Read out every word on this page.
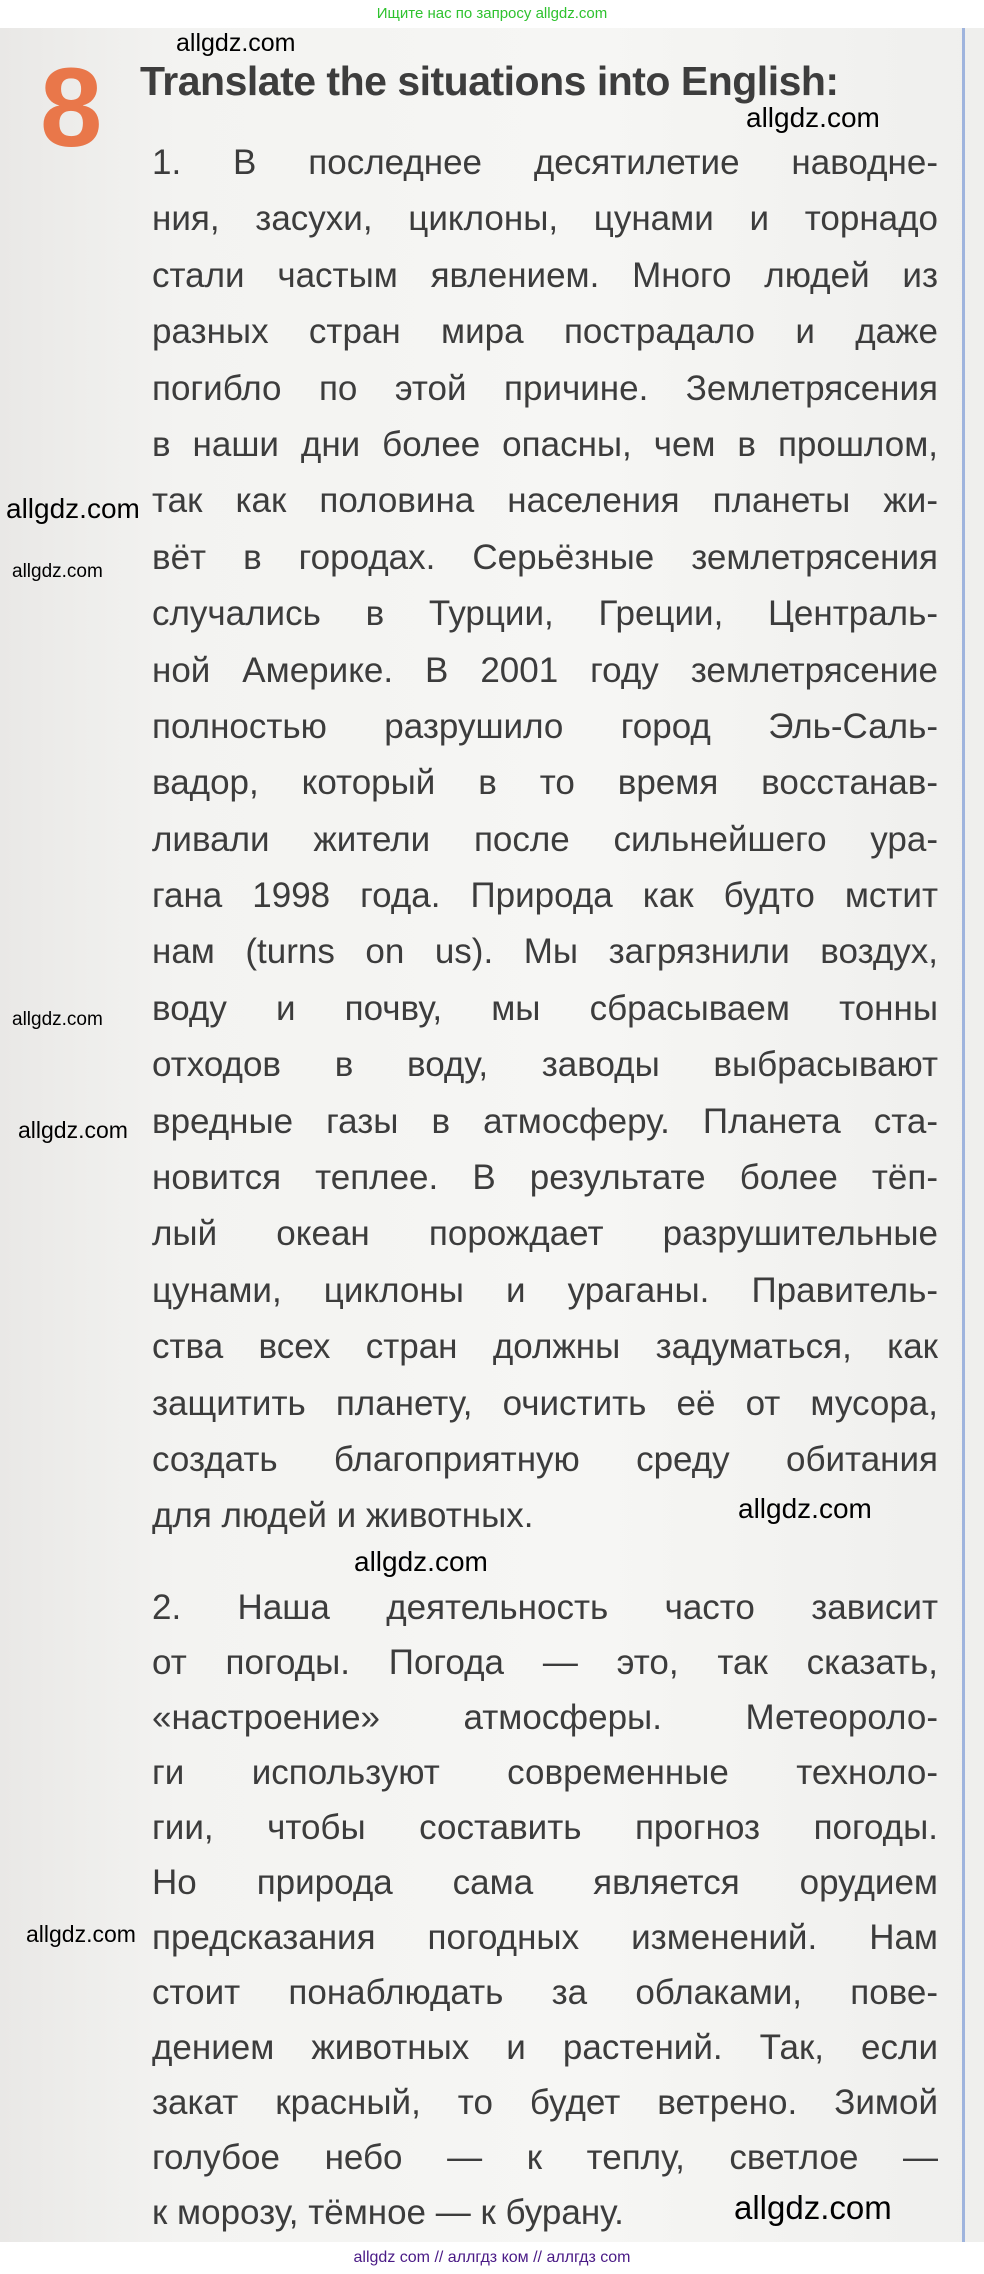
Ищите нас по запросу allgdz.com
8 Translate the situations into English:
1. В последнее десятилетие наводне-
ния, засухи, циклоны, цунами и торнадо
стали частым явлением. Много людей из
разных стран мира пострадало и даже
погибло по этой причине. Землетрясения
в наши дни более опасны, чем в прошлом,
так как половина населения планеты жи-
вёт в городах. Серьёзные землетрясения
случались в Турции, Греции, Централь-
ной Америке. В 2001 году землетрясение
полностью разрушило город Эль-Саль-
вадор, который в то время восстанав-
ливали жители после сильнейшего ура-
гана 1998 года. Природа как будто мстит
нам (turns on us). Мы загрязнили воздух,
воду и почву, мы сбрасываем тонны
отходов в воду, заводы выбрасывают
вредные газы в атмосферу. Планета ста-
новится теплее. В результате более тёп-
лый океан порождает разрушительные
цунами, циклоны и ураганы. Правитель-
ства всех стран должны задуматься, как
защитить планету, очистить её от мусора,
создать благоприятную среду обитания
для людей и животных.
2. Наша деятельность часто зависит
от погоды. Погода — это, так сказать,
«настроение» атмосферы. Метеороло-
ги используют современные техноло-
гии, чтобы составить прогноз погоды.
Но природа сама является орудием
предсказания погодных изменений. Нам
стоит понаблюдать за облаками, пове-
дением животных и растений. Так, если
закат красный, то будет ветрено. Зимой
голубое небо — к теплу, светлое —
к морозу, тёмное — к бурану.
allgdz.com
allgdz.com
allgdz.com
allgdz.com
allgdz.com
allgdz.com
allgdz.com
allgdz.com
allgdz.com
allgdz.com
allgdz com // аллгдз ком // аллгдз com
